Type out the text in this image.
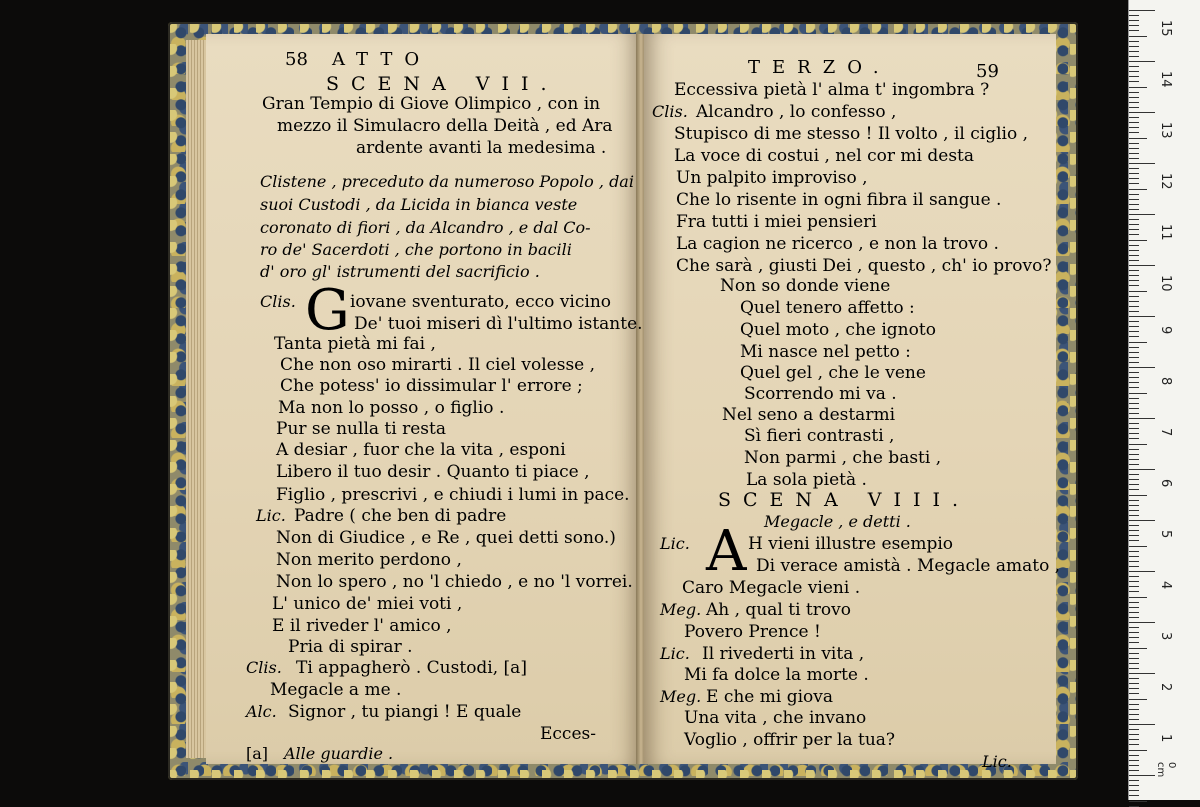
58 ATTO
SCENA VII.
Gran Tempio di Giove Olimpico , con in
mezzo il Simulacro della Deità , ed Ara
ardente avanti la medesima .
Clistene , preceduto da numeroso Popolo , dai
suoi Custodi , da Licida in bianca veste
coronato di fiori , da Alcandro , e dal Co-
ro de' Sacerdoti , che portono in bacili
d' oro gl' istrumenti del sacrificio .
Clis. G iovane sventurato, ecco vicino
De' tuoi miseri dì l'ultimo istante.
Tanta pietà mi fai ,
Che non oso mirarti . Il ciel volesse ,
Che potess' io dissimular l' errore ;
Ma non lo posso , o figlio .
Pur se nulla ti resta
A desiar , fuor che la vita , esponi
Libero il tuo desir . Quanto ti piace ,
Figlio , prescrivi , e chiudi i lumi in pace.
Lic. Padre ( che ben di padre
Non di Giudice , e Re , quei detti sono.)
Non merito perdono ,
Non lo spero , no 'l chiedo , e no 'l vorrei.
L' unico de' miei voti ,
E il riveder l' amico ,
Pria di spirar .
Clis. Ti appagherò . Custodi, [a]
Megacle a me .
Alc. Signor , tu piangi ! E quale
Ecces-
[a] Alle guardie .
TERZO.	59
Eccessiva pietà l' alma t' ingombra ?
Clis. Alcandro , lo confesso ,
Stupisco di me stesso ! Il volto , il ciglio ,
La voce di costui , nel cor mi desta
Un palpito improviso ,
Che lo risente in ogni fibra il sangue .
Fra tutti i miei pensieri
La cagion ne ricerco , e non la trovo .
Che sarà , giusti Dei , questo , ch' io provo?
Non so donde viene
Quel tenero affetto :
Quel moto , che ignoto
Mi nasce nel petto :
Quel gel , che le vene
Scorrendo mi va .
Nel seno a destarmi
Sì fieri contrasti ,
Non parmi , che basti ,
La sola pietà .
SCENA VIII.
Megacle , e detti .
Lic. A H vieni illustre esempio
Di verace amistà . Megacle amato ,
Caro Megacle vieni .
Meg. Ah , qual ti trovo
Povero Prence !
Lic. Il rivederti in vita ,
Mi fa dolce la morte .
Meg. E che mi giova
Una vita , che invano
Voglio , offrir per la tua?
Lic.
15
14
13
12
11
10
9
8
7
6
5
4
3
2
1
0 cm
